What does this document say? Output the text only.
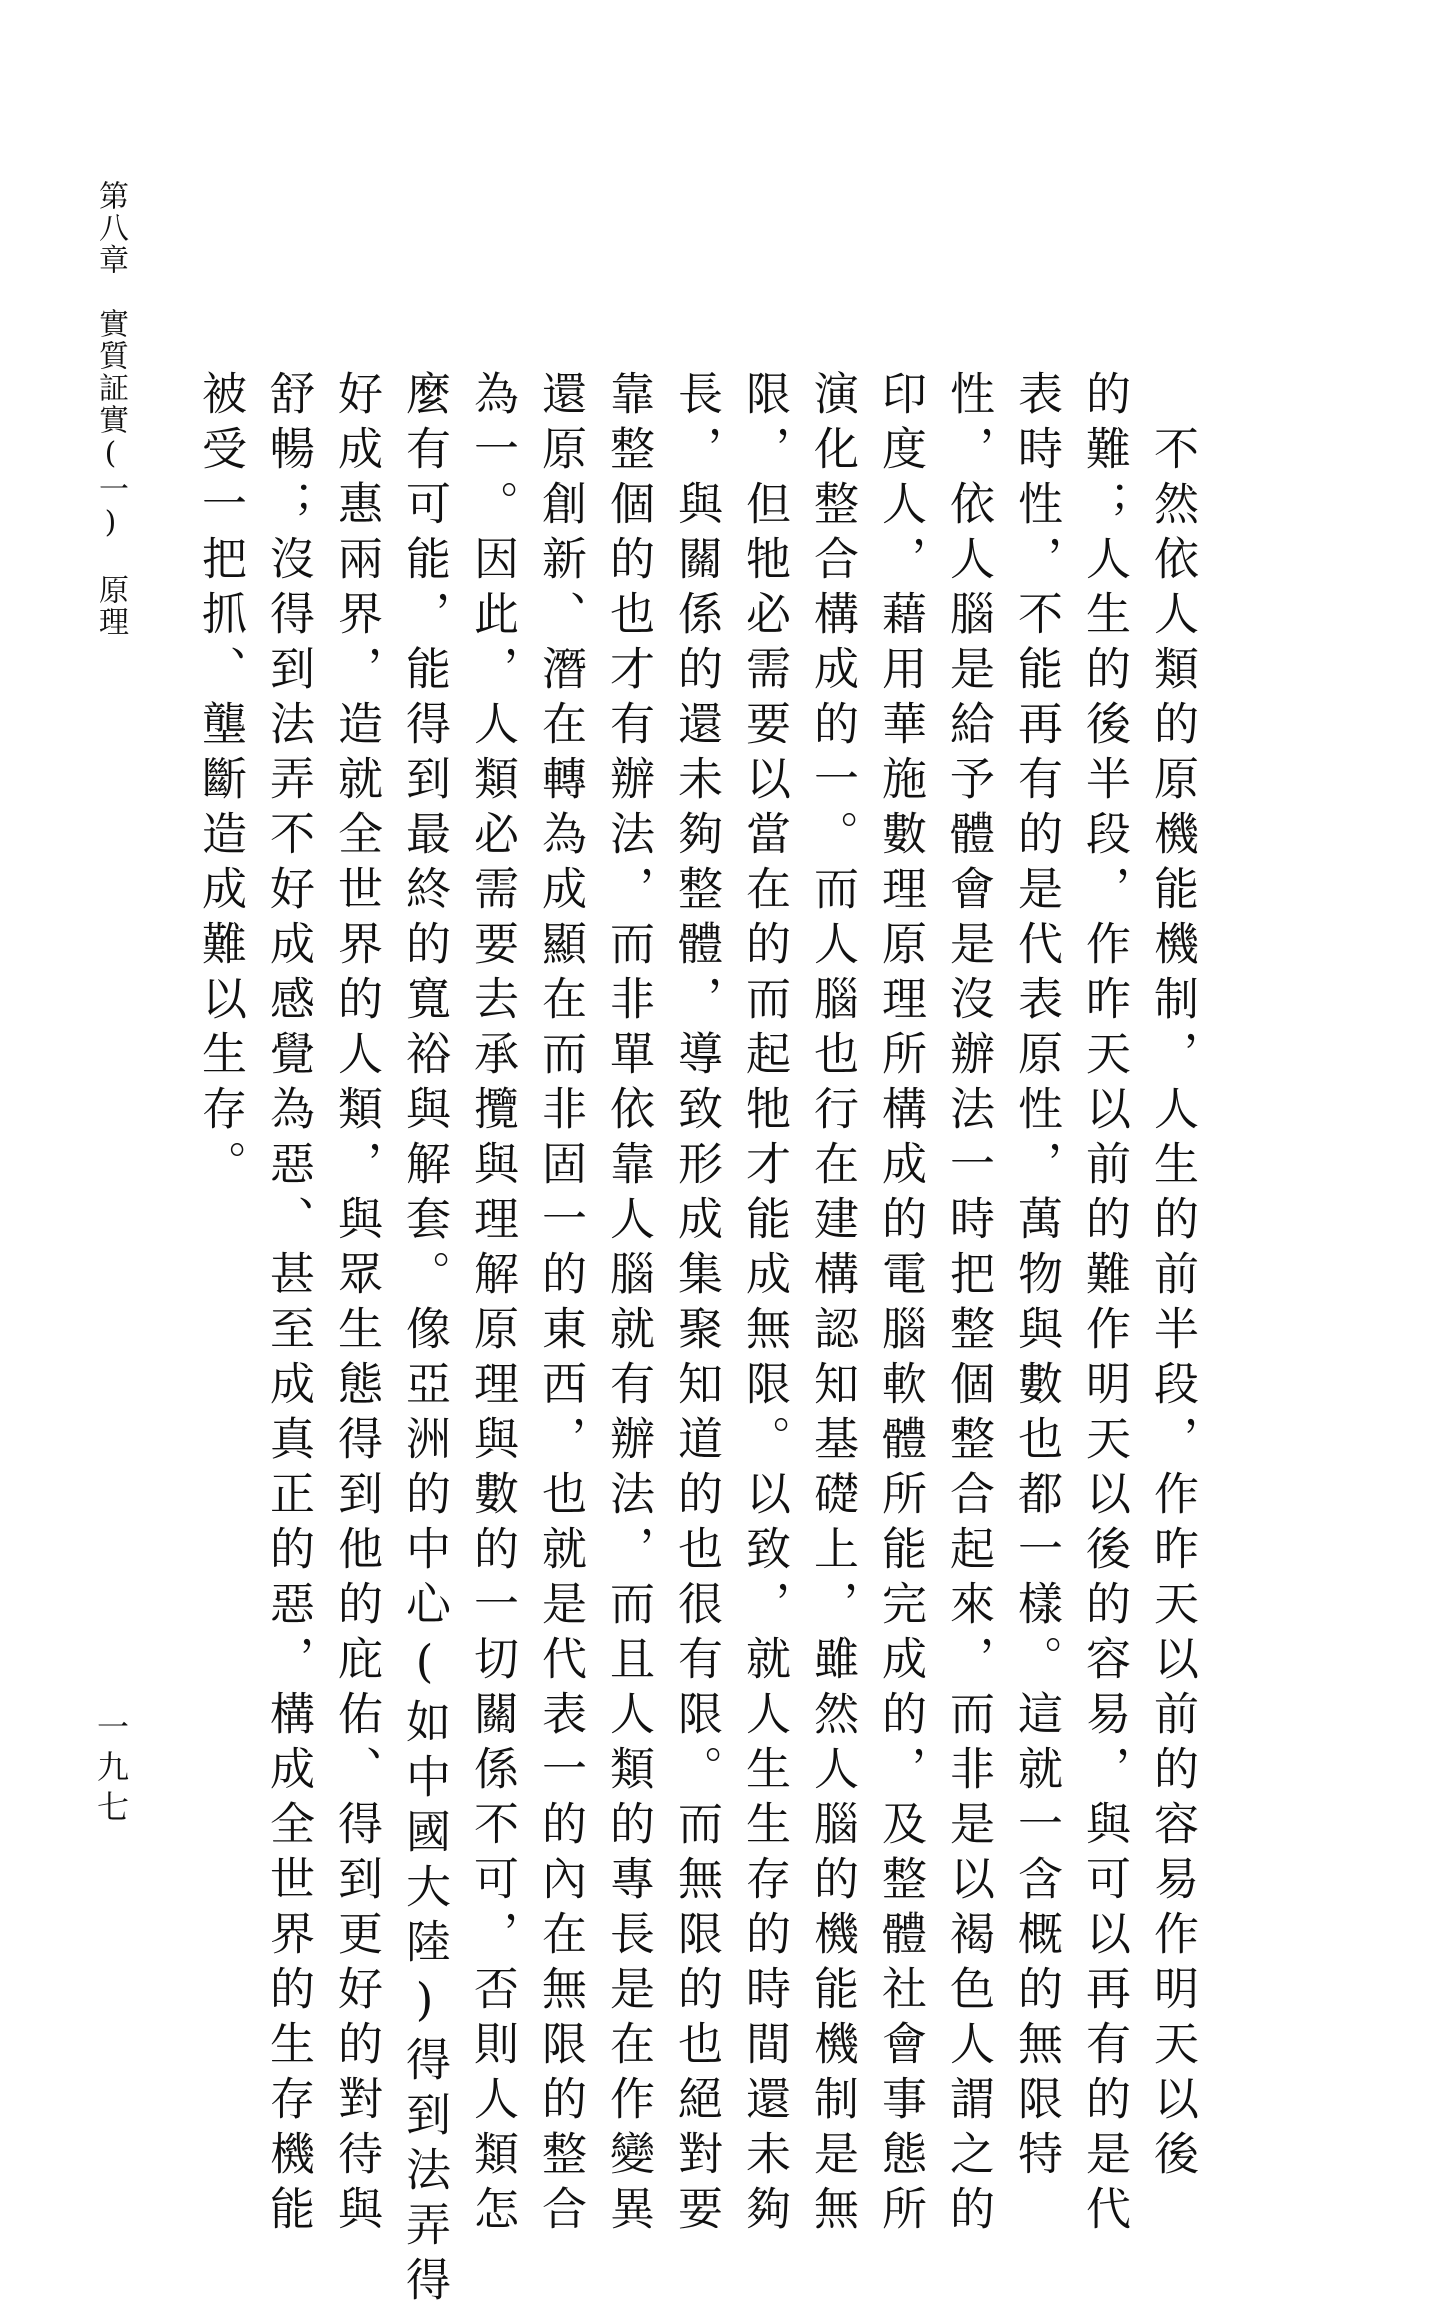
第八章　實質証實(一)　原理
一九七	　不然依人類的原機能機制，人生的前半段，作昨天以前的容易作明天以後
的難；人生的後半段，作昨天以前的難作明天以後的容易，與可以再有的是代
表時性，不能再有的是代表原性，萬物與數也都一樣。這就一含概的無限特
性，依人腦是給予體會是沒辦法一時把整個整合起來，而非是以褐色人謂之的
印度人，藉用華施數理原理所構成的電腦軟體所能完成的，及整體社會事態所
演化整合構成的一。而人腦也行在建構認知基礎上，雖然人腦的機能機制是無
限，但牠必需要以當在的而起牠才能成無限。以致，就人生生存的時間還未夠
長，與關係的還未夠整體，導致形成集聚知道的也很有限。而無限的也絕對要
靠整個的也才有辦法，而非單依靠人腦就有辦法，而且人類的專長是在作變異
還原創新、潛在轉為成顯在而非固一的東西，也就是代表一的內在無限的整合
為一。因此，人類必需要去承攬與理解原理與數的一切關係不可，否則人類怎
麼有可能，能得到最終的寬裕與解套。像亞洲的中心(如中國大陸)得到法弄得
好成惠兩界，造就全世界的人類，與眾生態得到他的庇佑、得到更好的對待與
舒暢；沒得到法弄不好成感覺為惡、甚至成真正的惡，構成全世界的生存機能
被受一把抓、壟斷造成難以生存。
